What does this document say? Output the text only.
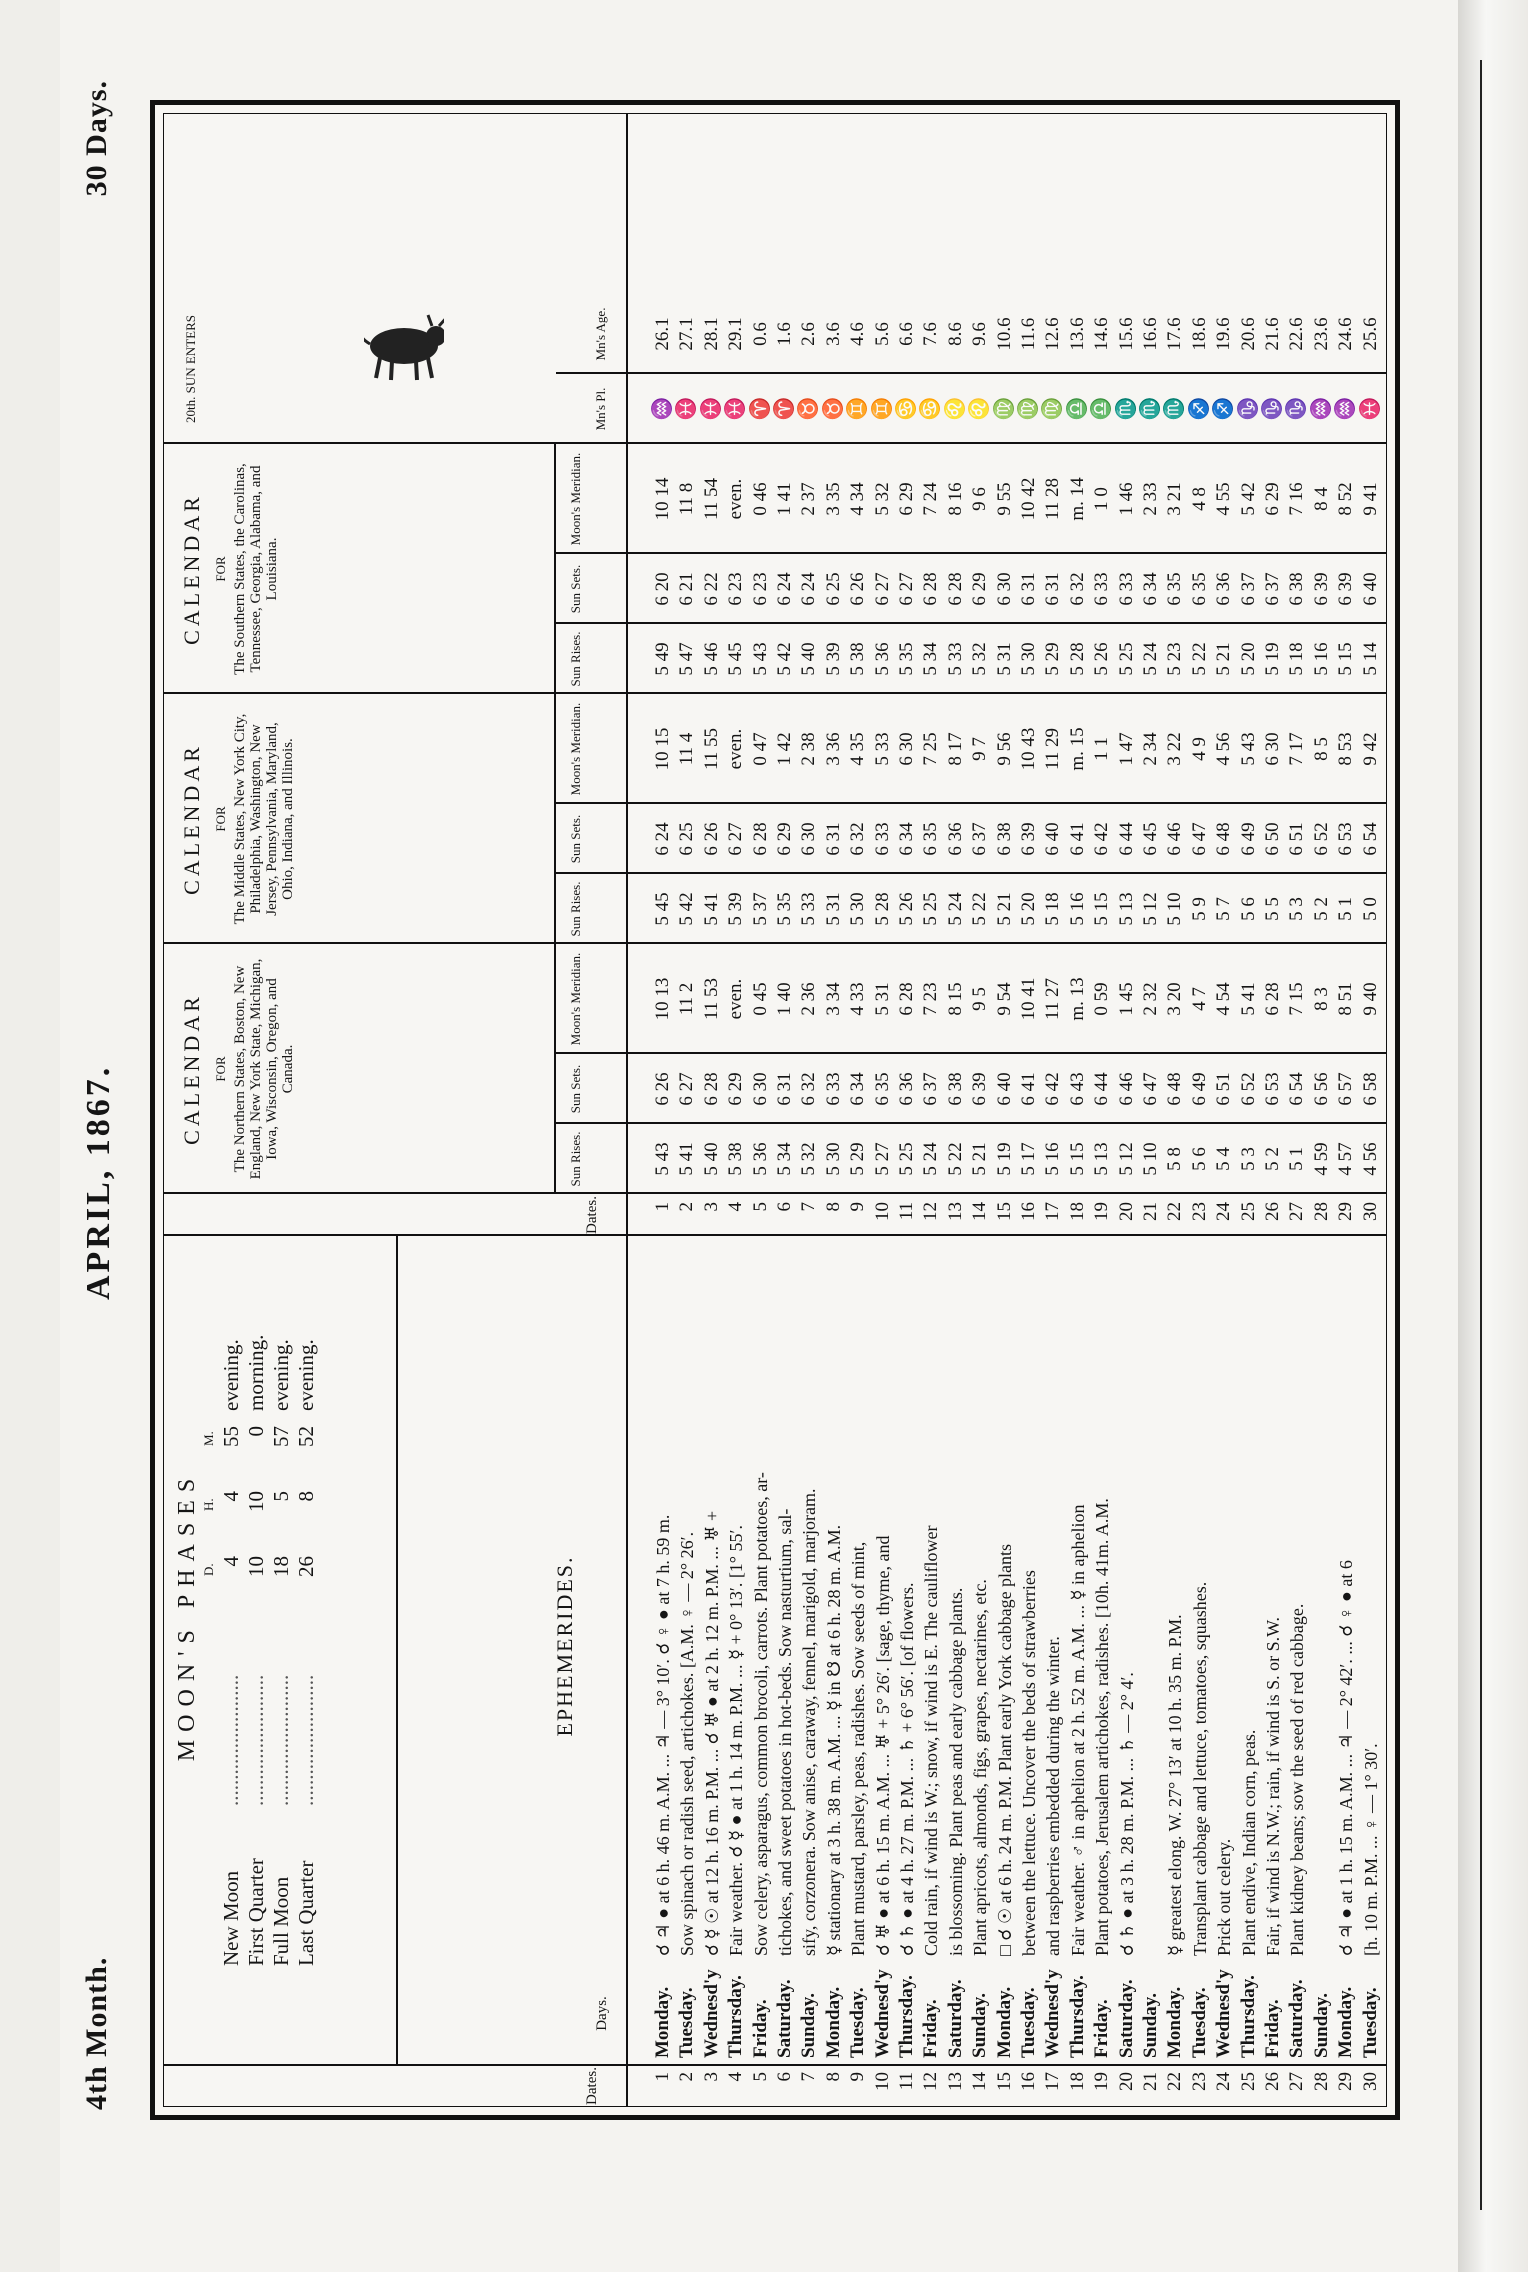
4th Month.
APRIL, 1867.
30 Days.
Dates.
Days.
Dates.
MOON'S PHASES D.
H.
M.
New Moon
.........................
4
4
55
evening.
First Quarter
.........................
10
10
0
morning.
Full Moon
.........................
18
5
57
evening.
Last Quarter
.........................
26
8
52
evening.
EPHEMERIDES.
CALENDAR FOR The Northern States, Boston, New England, New York State, Michigan, Iowa, Wisconsin, Oregon, and Canada.
Sun Rises.
Sun Sets.
Moon's Meridian.
CALENDAR FOR The Middle States, New York City, Philadelphia, Washington, New Jersey, Pennsylvania, Maryland, Ohio, Indiana, and Illinois.
Sun Rises.
Sun Sets.
Moon's Meridian.
CALENDAR FOR The Southern States, the Carolinas, Tennessee, Georgia, Alabama, and Louisiana.
Sun Rises.
Sun Sets.
Moon's Meridian.
20th. SUN ENTERS	Mn's Pl.
Mn's Age.
1
Monday.
☌ ♃ ● at 6 h. 46 m. A.M. ... ♃ — 3° 10′. ☌ ♀ ● at 7 h. 59 m.
1
5 43
6 26
10 13
5 45
6 24
10 15
5 49
6 20
10 14
♒
26.1
2
Tuesday.
Sow spinach or radish seed, artichokes. [A.M. ♀ — 2° 26′.
2
5 41
6 27
11 2
5 42
6 25
11 4
5 47
6 21
11 8
♓
27.1
3
Wednesd'y
☌ ☿ ☉ at 12 h. 16 m. P.M. ... ☌ ♅ ● at 2 h. 12 m. P.M. ... ♅ +
3
5 40
6 28
11 53
5 41
6 26
11 55
5 46
6 22
11 54
♓
28.1
4
Thursday.
Fair weather. ☌ ☿ ● at 1 h. 14 m. P.M. ... ☿ + 0° 13′. [1° 55′.
4
5 38
6 29
even.
5 39
6 27
even.
5 45
6 23
even.
♓
29.1
5
Friday.
Sow celery, asparagus, common brocoli, carrots. Plant potatoes, ar-
5
5 36
6 30
0 45
5 37
6 28
0 47
5 43
6 23
0 46
♈
0.6
6
Saturday.
tichokes, and sweet potatoes in hot-beds. Sow nasturtium, sal-
6
5 34
6 31
1 40
5 35
6 29
1 42
5 42
6 24
1 41
♈
1.6
7
Sunday.
sify, corzonera. Sow anise, caraway, fennel, marigold, marjoram.
7
5 32
6 32
2 36
5 33
6 30
2 38
5 40
6 24
2 37
♉
2.6
8
Monday.
☿ stationary at 3 h. 38 m. A.M. ... ☿ in ☋ at 6 h. 28 m. A.M.
8
5 30
6 33
3 34
5 31
6 31
3 36
5 39
6 25
3 35
♉
3.6
9
Tuesday.
Plant mustard, parsley, peas, radishes. Sow seeds of mint,
9
5 29
6 34
4 33
5 30
6 32
4 35
5 38
6 26
4 34
♊
4.6
10
Wednesd'y
☌ ♅ ● at 6 h. 15 m. A.M. ... ♅ + 5° 26′. [sage, thyme, and
10
5 27
6 35
5 31
5 28
6 33
5 33
5 36
6 27
5 32
♊
5.6
11
Thursday.
☌ ♄ ● at 4 h. 27 m. P.M. ... ♄ + 6° 56′. [of flowers.
11
5 25
6 36
6 28
5 26
6 34
6 30
5 35
6 27
6 29
♋
6.6
12
Friday.
Cold rain, if wind is W.; snow, if wind is E. The cauliflower
12
5 24
6 37
7 23
5 25
6 35
7 25
5 34
6 28
7 24
♋
7.6
13
Saturday.
is blossoming. Plant peas and early cabbage plants.
13
5 22
6 38
8 15
5 24
6 36
8 17
5 33
6 28
8 16
♌
8.6
14
Sunday.
Plant apricots, almonds, figs, grapes, nectarines, etc.
14
5 21
6 39
9 5
5 22
6 37
9 7
5 32
6 29
9 6
♌
9.6
15
Monday.
□ ☌ ☉ at 6 h. 24 m. P.M. Plant early York cabbage plants
15
5 19
6 40
9 54
5 21
6 38
9 56
5 31
6 30
9 55
♍
10.6
16
Tuesday.
between the lettuce. Uncover the beds of strawberries
16
5 17
6 41
10 41
5 20
6 39
10 43
5 30
6 31
10 42
♍
11.6
17
Wednesd'y
and raspberries embedded during the winter.
17
5 16
6 42
11 27
5 18
6 40
11 29
5 29
6 31
11 28
♍
12.6
18
Thursday.
Fair weather. ♂ in aphelion at 2 h. 52 m. A.M. ... ☿ in aphelion
18
5 15
6 43
m. 13
5 16
6 41
m. 15
5 28
6 32
m. 14
♎
13.6
19
Friday.
Plant potatoes, Jerusalem artichokes, radishes. [10h. 41m. A.M.
19
5 13
6 44
0 59
5 15
6 42
1 1
5 26
6 33
1 0
♎
14.6
20
Saturday.
☌ ♄ ● at 3 h. 28 m. P.M. ... ♄ — 2° 4′.
20
5 12
6 46
1 45
5 13
6 44
1 47
5 25
6 33
1 46
♏
15.6
21
Sunday.
21
5 10
6 47
2 32
5 12
6 45
2 34
5 24
6 34
2 33
♏
16.6
22
Monday.
☿ greatest elong. W. 27° 13′ at 10 h. 35 m. P.M.
22
5 8
6 48
3 20
5 10
6 46
3 22
5 23
6 35
3 21
♏
17.6
23
Tuesday.
Transplant cabbage and lettuce, tomatoes, squashes.
23
5 6
6 49
4 7
5 9
6 47
4 9
5 22
6 35
4 8
♐
18.6
24
Wednesd'y
Prick out celery.
24
5 4
6 51
4 54
5 7
6 48
4 56
5 21
6 36
4 55
♐
19.6
25
Thursday.
Plant endive, Indian corn, peas.
25
5 3
6 52
5 41
5 6
6 49
5 43
5 20
6 37
5 42
♑
20.6
26
Friday.
Fair, if wind is N.W.; rain, if wind is S. or S.W.
26
5 2
6 53
6 28
5 5
6 50
6 30
5 19
6 37
6 29
♑
21.6
27
Saturday.
Plant kidney beans; sow the seed of red cabbage.
27
5 1
6 54
7 15
5 3
6 51
7 17
5 18
6 38
7 16
♑
22.6
28
Sunday.
28
4 59
6 56
8 3
5 2
6 52
8 5
5 16
6 39
8 4
♒
23.6
29
Monday.
☌ ♃ ● at 1 h. 15 m. A.M. ... ♃ — 2° 42′. ... ☌ ♀ ● at 6
29
4 57
6 57
8 51
5 1
6 53
8 53
5 15
6 39
8 52
♒
24.6
30
Tuesday.
[h. 10 m. P.M. ... ♀ — 1° 30′.
30
4 56
6 58
9 40
5 0
6 54
9 42
5 14
6 40
9 41
♓
25.6
